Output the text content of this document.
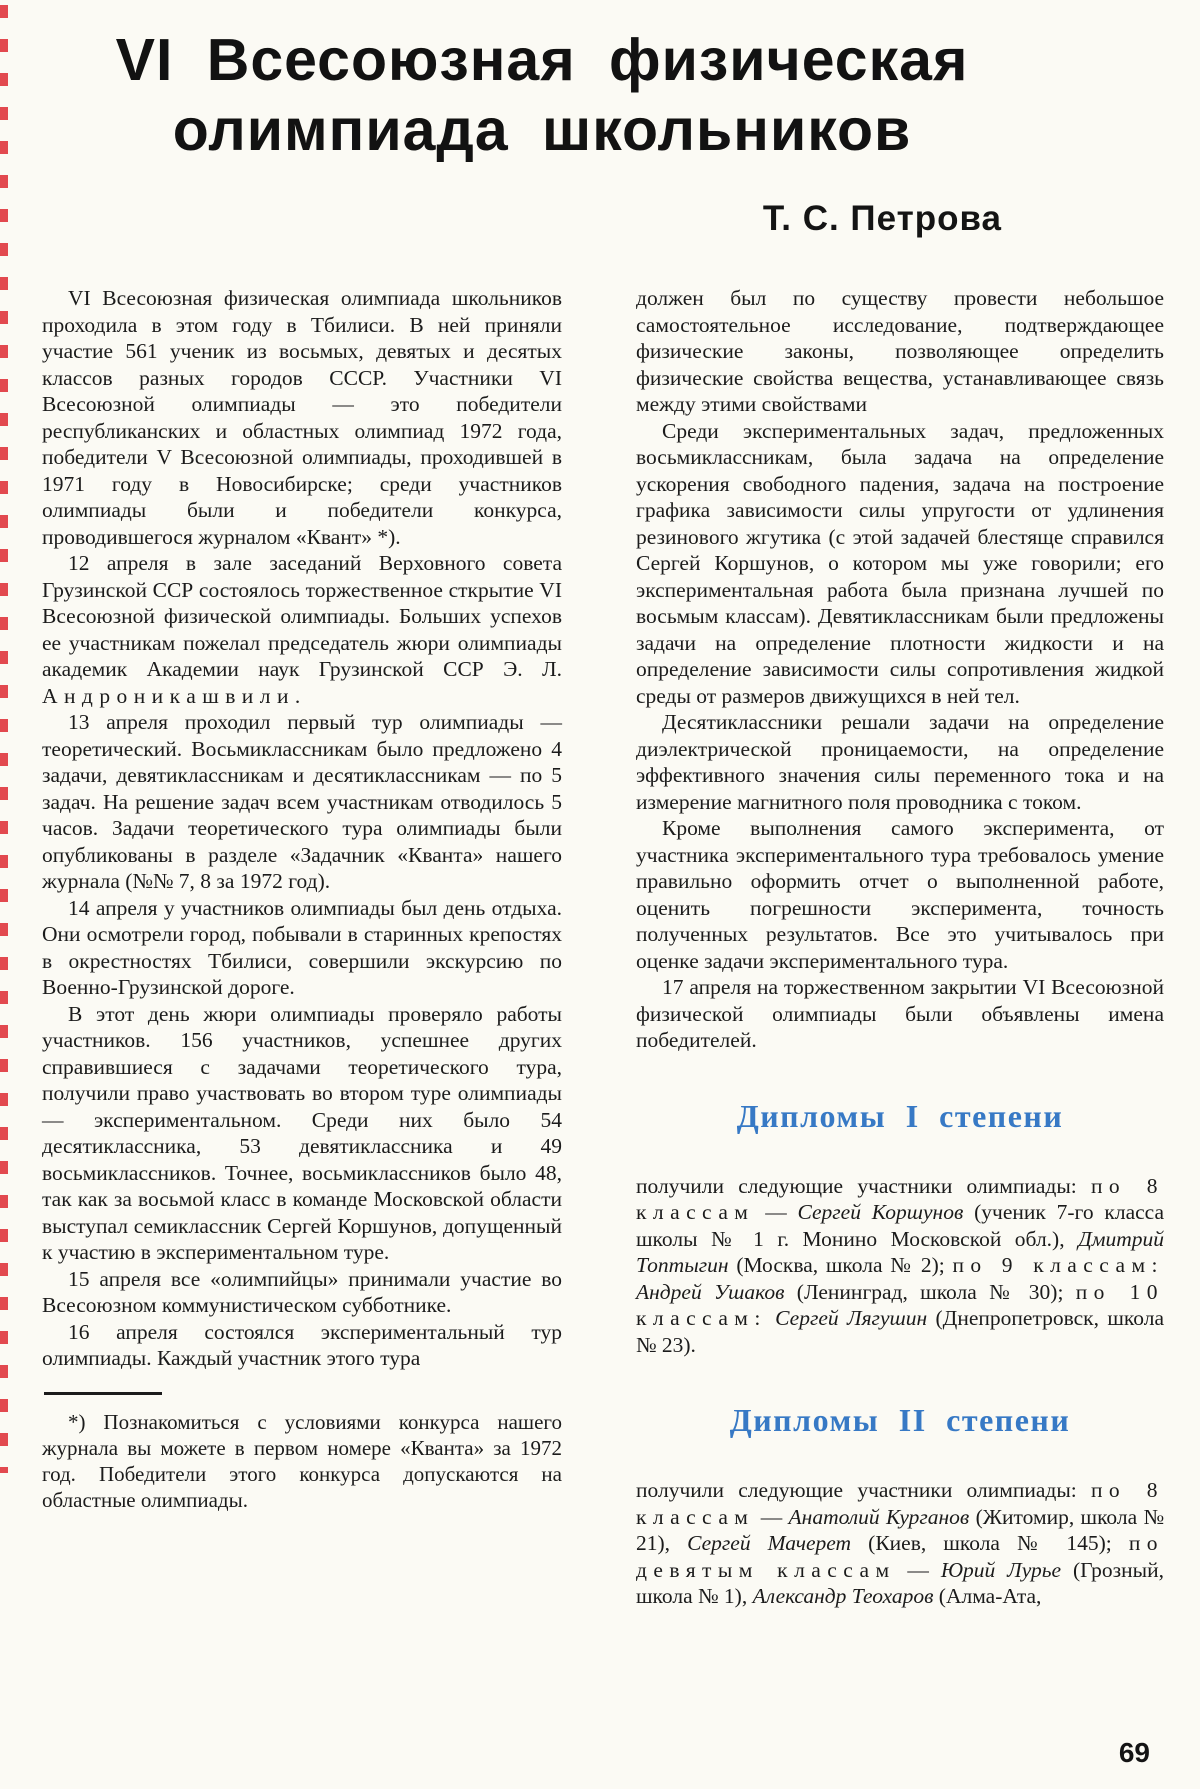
VI Всесоюзная физическая
олимпиада школьников
Т. С. Петрова

VI Всесоюзная физическая олимпиада школьников проходила в этом году в Тбилиси. В ней приняли участие 561 ученик из восьмых, девятых и десятых классов разных городов СССР. Участники VI Всесоюзной олимпиады — это победители республиканских и областных олимпиад 1972 года, победители V Всесоюзной олимпиады, проходившей в 1971 году в Новосибирске; среди участников олимпиады были и победители конкурса, проводившегося журналом «Квант» *).

12 апреля в зале заседаний Верховного совета Грузинской ССР состоялось торжественное сткрытие VI Всесоюзной физической олимпиады. Больших успехов ее участникам пожелал председатель жюри олимпиады академик Академии наук Грузинской ССР Э. Л. Андроникашвили.

13 апреля проходил первый тур олимпиады — теоретический. Восьмиклассникам было предложено 4 задачи, девятиклассникам и десятиклассникам — по 5 задач. На решение задач всем участникам отводилось 5 часов. Задачи теоретического тура олимпиады были опубликованы в разделе «Задачник «Кванта» нашего журнала (№№ 7, 8 за 1972 год).

14 апреля у участников олимпиады был день отдыха. Они осмотрели город, побывали в старинных крепостях в окрестностях Тбилиси, совершили экскурсию по Военно-Грузинской дороге.

В этот день жюри олимпиады проверяло работы участников. 156 участников, успешнее других справившиеся с задачами теоретического тура, получили право участвовать во втором туре олимпиады — экспериментальном. Среди них было 54 десятиклассника, 53 девятиклассника и 49 восьмиклассников. Точнее, восьмиклассников было 48, так как за восьмой класс в команде Московской области выступал семиклассник Сергей Коршунов, допущенный к участию в экспериментальном туре.

15 апреля все «олимпийцы» принимали участие во Всесоюзном коммунистическом субботнике.

16 апреля состоялся экспериментальный тур олимпиады. Каждый участник этого тура

*) Познакомиться с условиями конкурса нашего журнала вы можете в первом номере «Кванта» за 1972 год. Победители этого конкурса допускаются на областные олимпиады.

должен был по существу провести небольшое самостоятельное исследование, подтверждающее физические законы, позволяющее определить физические свойства вещества, устанавливающее связь между этими свойствами

Среди экспериментальных задач, предложенных восьмиклассникам, была задача на определение ускорения свободного падения, задача на построение графика зависимости силы упругости от удлинения резинового жгутика (с этой задачей блестяще справился Сергей Коршунов, о котором мы уже говорили; его экспериментальная работа была признана лучшей по восьмым классам). Девятиклассникам были предложены задачи на определение плотности жидкости и на определение зависимости силы сопротивления жидкой среды от размеров движущихся в ней тел.

Десятиклассники решали задачи на определение диэлектрической проницаемости, на определение эффективного значения силы переменного тока и на измерение магнитного поля проводника с током.

Кроме выполнения самого эксперимента, от участника экспериментального тура требовалось умение правильно оформить отчет о выполненной работе, оценить погрешности эксперимента, точность полученных результатов. Все это учитывалось при оценке задачи экспериментального тура.

17 апреля на торжественном закрытии VI Всесоюзной физической олимпиады были объявлены имена победителей.

Дипломы I степени

получили следующие участники олимпиады: по 8 классам — Сергей Коршунов (ученик 7-го класса школы № 1 г. Монино Московской обл.), Дмитрий Топтыгин (Москва, школа № 2); по 9 классам: Андрей Ушаков (Ленинград, школа № 30); по 10 классам: Сергей Лягушин (Днепропетровск, школа № 23).

Дипломы II степени

получили следующие участники олимпиады: по 8 классам — Анатолий Курганов (Житомир, школа № 21), Сергей Мачерет (Киев, школа № 145); по девятым классам — Юрий Лурье (Грозный, школа № 1), Александр Теохаров (Алма-Ата,

69
